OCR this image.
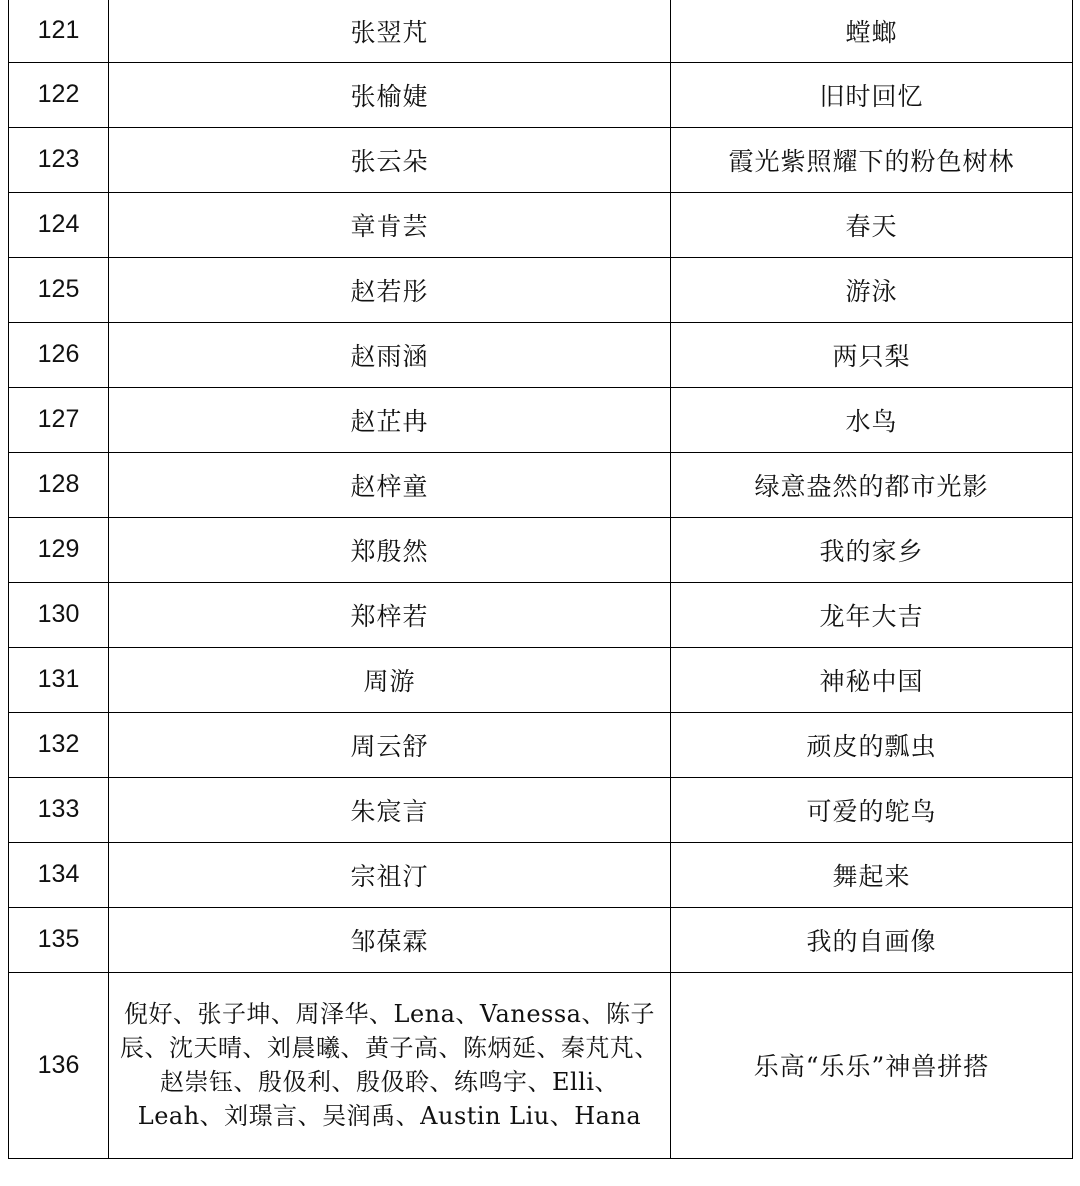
121	张翌芃	螳螂
122	张榆婕	旧时回忆
123	张云朵	霞光紫照耀下的粉色树林
124	章肯芸	春天
125	赵若彤	游泳
126	赵雨涵	两只梨
127	赵芷冉	水鸟
128	赵梓童	绿意盎然的都市光影
129	郑殷然	我的家乡
130	郑梓若	龙年大吉
131	周游	神秘中国
132	周云舒	顽皮的瓢虫
133	朱宸言	可爱的鸵鸟
134	宗祖汀	舞起来
135	邹葆霖	我的自画像
136	倪好、张子坤、周泽华、Lena、Vanessa、陈子辰、沈天晴、刘晨曦、黄子高、陈炳延、秦芃芃、赵崇钰、殷伋利、殷伋聆、练鸣宇、Elli、Leah、刘璟言、吴润禹、Austin Liu、Hana	乐高“乐乐”神兽拼搭
